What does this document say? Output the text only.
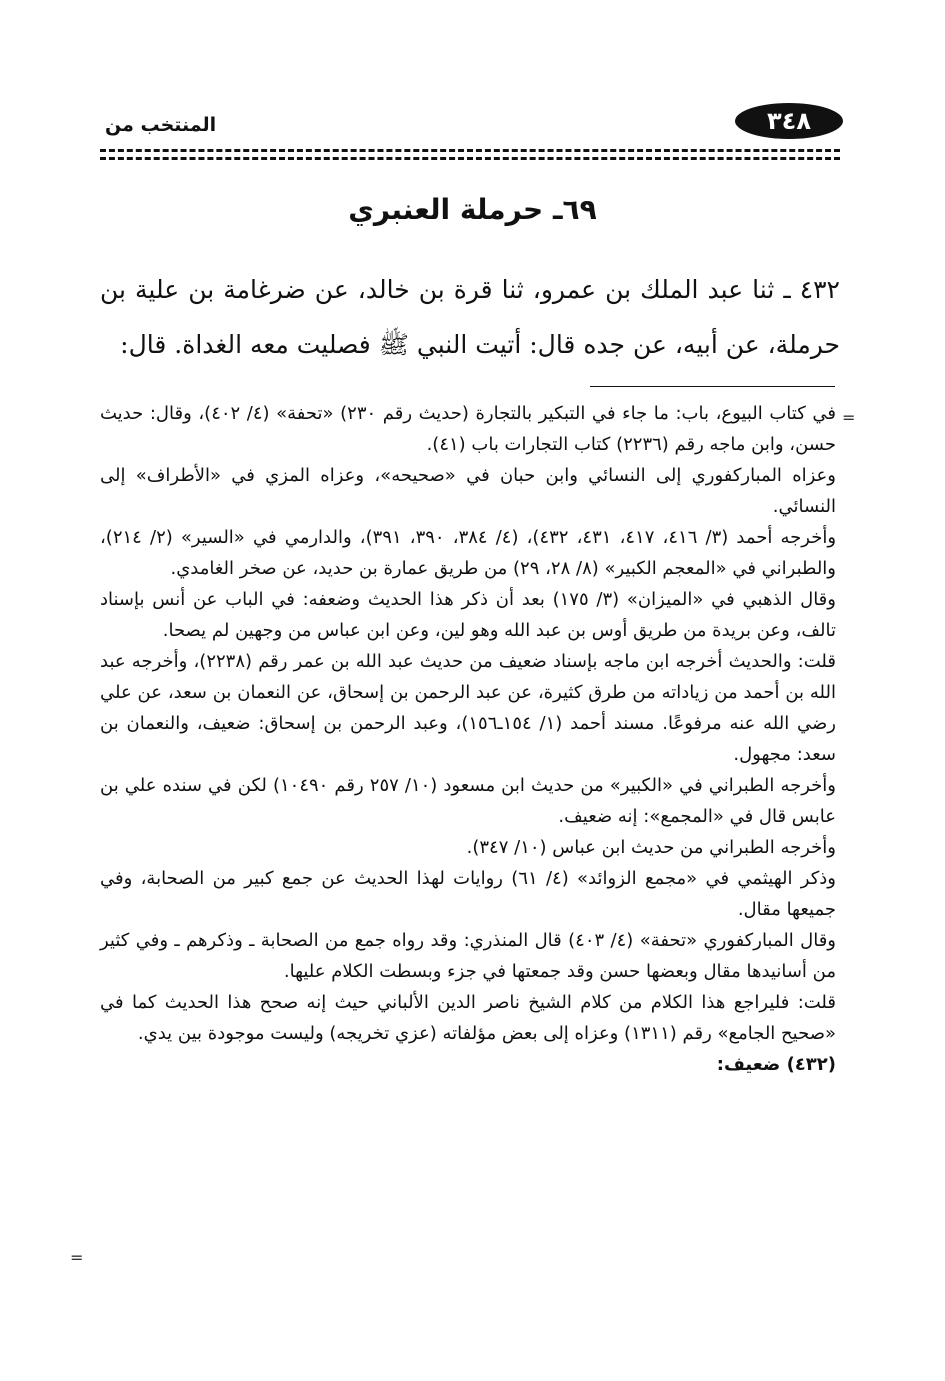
٣٤٨
المنتخب من
٦٩ـ حرملة العنبري
٤٣٢ ـ ثنا عبد الملك بن عمرو، ثنا قرة بن خالد، عن ضرغامة بن علية بن حرملة، عن أبيه، عن جده قال: أتيت النبي ﷺ فصليت معه الغداة. قال:
=

في كتاب البيوع، باب: ما جاء في التبكير بالتجارة (حديث رقم ٢٣٠) «تحفة» (٤/ ٤٠٢)، وقال: حديث حسن، وابن ماجه رقم (٢٢٣٦) كتاب التجارات باب (٤١).

وعزاه المباركفوري إلى النسائي وابن حبان في «صحيحه»، وعزاه المزي في «الأطراف» إلى النسائي.

وأخرجه أحمد (٣/ ٤١٦، ٤١٧، ٤٣١، ٤٣٢)، (٤/ ٣٨٤، ٣٩٠، ٣٩١)، والدارمي في «السير» (٢/ ٢١٤)، والطبراني في «المعجم الكبير» (٨/ ٢٨، ٢٩) من طريق عمارة بن حديد، عن صخر الغامدي.

وقال الذهبي في «الميزان» (٣/ ١٧٥) بعد أن ذكر هذا الحديث وضعفه: في الباب عن أنس بإسناد تالف، وعن بريدة من طريق أوس بن عبد الله وهو لين، وعن ابن عباس من وجهين لم يصحا.

قلت: والحديث أخرجه ابن ماجه بإسناد ضعيف من حديث عبد الله بن عمر رقم (٢٢٣٨)، وأخرجه عبد الله بن أحمد من زياداته من طرق كثيرة، عن عبد الرحمن بن إسحاق، عن النعمان بن سعد، عن علي رضي الله عنه مرفوعًا. مسند أحمد (١/ ١٥٤ـ١٥٦)، وعبد الرحمن بن إسحاق: ضعيف، والنعمان بن سعد: مجهول.

وأخرجه الطبراني في «الكبير» من حديث ابن مسعود (١٠/ ٢٥٧ رقم ١٠٤٩٠) لكن في سنده علي بن عابس قال في «المجمع»: إنه ضعيف.

وأخرجه الطبراني من حديث ابن عباس (١٠/ ٣٤٧).

وذكر الهيثمي في «مجمع الزوائد» (٤/ ٦١) روايات لهذا الحديث عن جمع كبير من الصحابة، وفي جميعها مقال.

وقال المباركفوري «تحفة» (٤/ ٤٠٣) قال المنذري: وقد رواه جمع من الصحابة ـ وذكرهم ـ وفي كثير من أسانيدها مقال وبعضها حسن وقد جمعتها في جزء وبسطت الكلام عليها.

قلت: فليراجع هذا الكلام من كلام الشيخ ناصر الدين الألباني حيث إنه صحح هذا الحديث كما في «صحيح الجامع» رقم (١٣١١) وعزاه إلى بعض مؤلفاته (عزي تخريجه) وليست موجودة بين يدي.

(٤٣٢) ضعيف:

=
